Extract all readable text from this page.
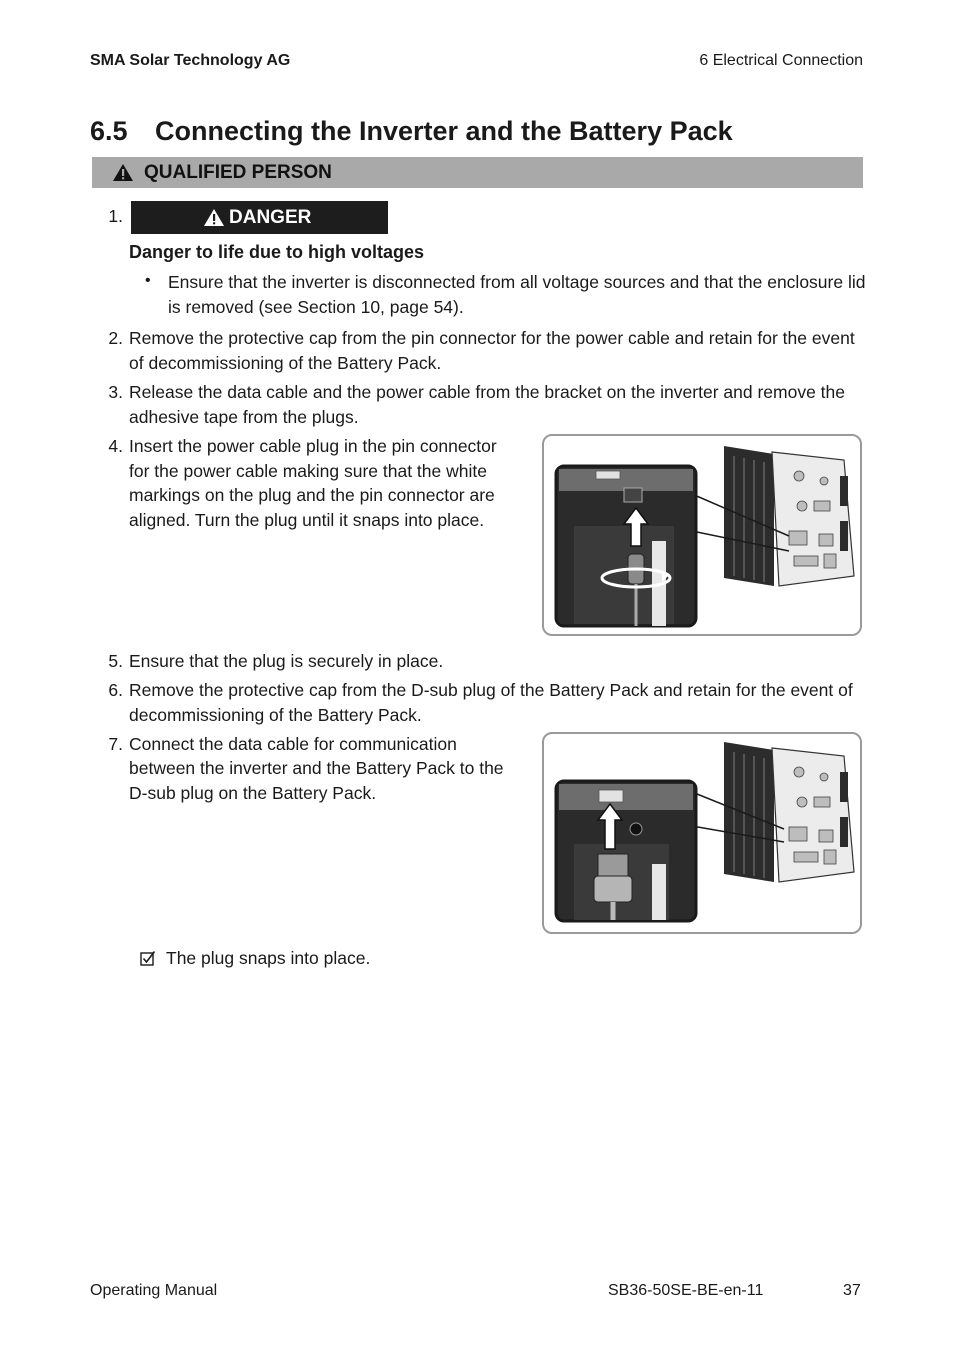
SMA Solar Technology AG	6 Electrical Connection
6.5 Connecting the Inverter and the Battery Pack
QUALIFIED PERSON
1.	DANGER
Danger to life due to high voltages
• Ensure that the inverter is disconnected from all voltage sources and that the enclosure lid
is removed (see Section 10, page 54).
2. Remove the protective cap from the pin connector for the power cable and retain for the event
of decommissioning of the Battery Pack.
3. Release the data cable and the power cable from the bracket on the inverter and remove the
adhesive tape from the plugs.
4. Insert the power cable plug in the pin connector
for the power cable making sure that the white
markings on the plug and the pin connector are
aligned. Turn the plug until it snaps into place.
5. Ensure that the plug is securely in place.
6. Remove the protective cap from the D-sub plug of the Battery Pack and retain for the event of
decommissioning of the Battery Pack.
7. Connect the data cable for communication
between the inverter and the Battery Pack to the
D-sub plug on the Battery Pack.
The plug snaps into place.
Operating Manual	SB36-50SE-BE-en-11	37
